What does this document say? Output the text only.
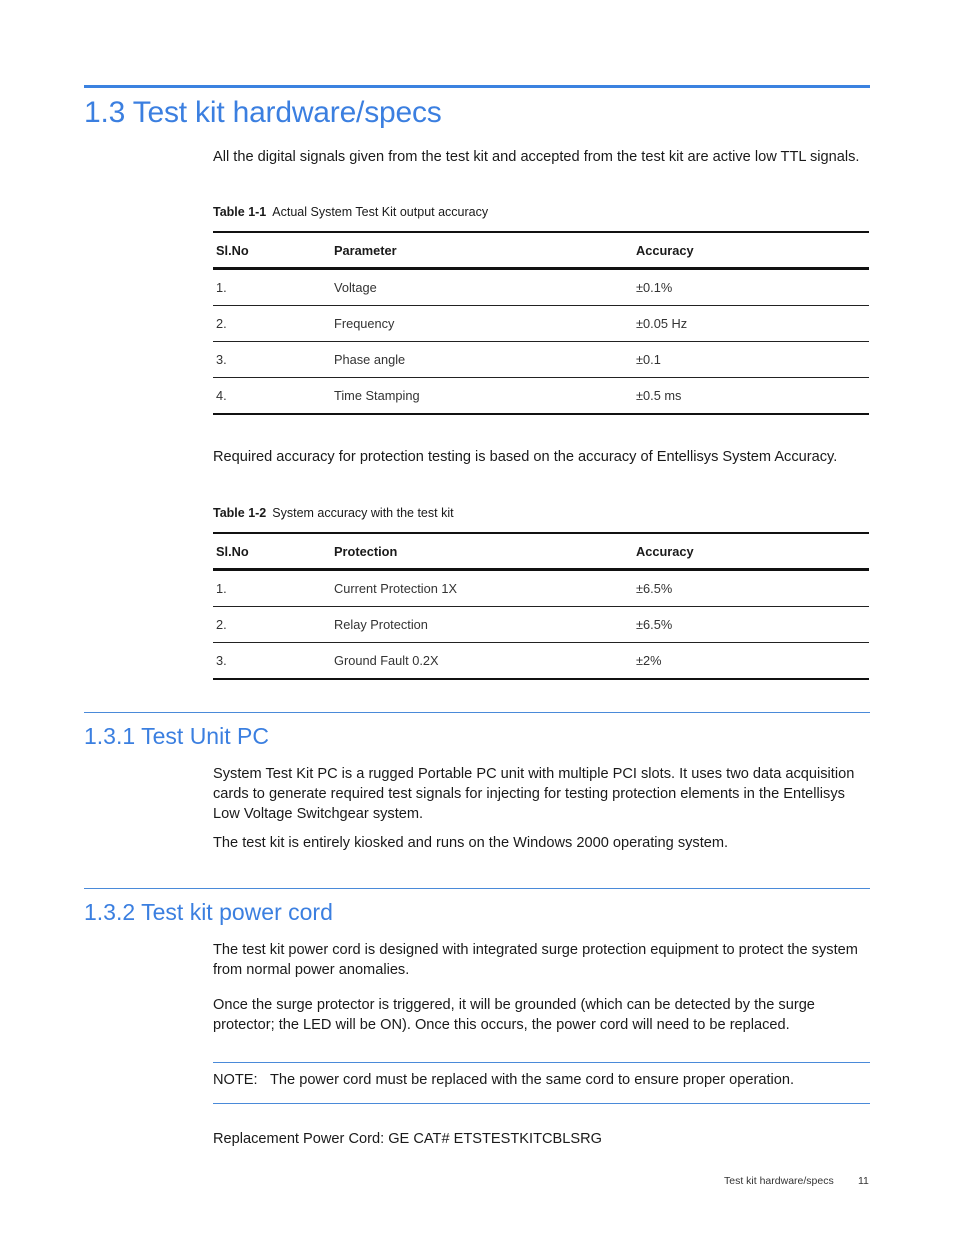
1.3 Test kit hardware/specs

All the digital signals given from the test kit and accepted from the test kit are active low TTL signals.

Table 1-1 Actual System Test Kit output accuracy
Sl.No	Parameter	Accuracy
1.	Voltage	±0.1%
2.	Frequency	±0.05 Hz
3.	Phase angle	±0.1
4.	Time Stamping	±0.5 ms

Required accuracy for protection testing is based on the accuracy of Entellisys System Accuracy.

Table 1-2 System accuracy with the test kit
Sl.No	Protection	Accuracy
1.	Current Protection 1X	±6.5%
2.	Relay Protection	±6.5%
3.	Ground Fault 0.2X	±2%
1.3.1 Test Unit PC

System Test Kit PC is a rugged Portable PC unit with multiple PCI slots. It uses two data acquisition cards to generate required test signals for injecting for testing protection elements in the Entellisys Low Voltage Switchgear system.

The test kit is entirely kiosked and runs on the Windows 2000 operating system.

1.3.2 Test kit power cord

The test kit power cord is designed with integrated surge protection equipment to protect the system from normal power anomalies.

Once the surge protector is triggered, it will be grounded (which can be detected by the surge protector; the LED will be ON). Once this occurs, the power cord will need to be replaced.

NOTE: The power cord must be replaced with the same cord to ensure proper operation.

Replacement Power Cord: GE CAT# ETSTESTKITCBLSRG

Test kit hardware/specs 11
